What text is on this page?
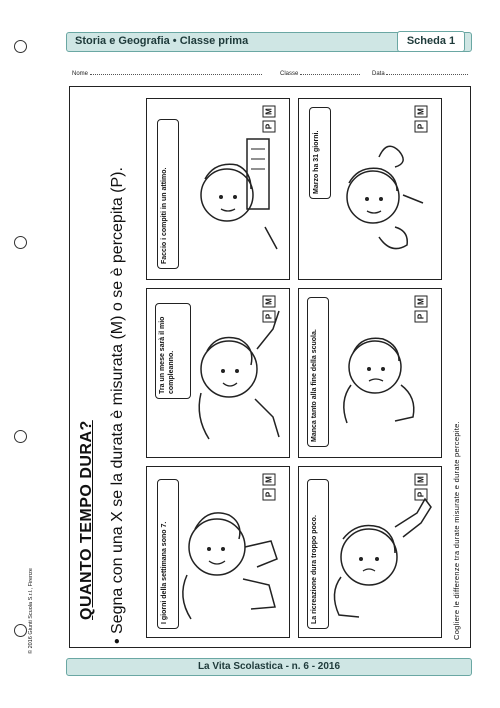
Storia e Geografia • Classe prima	Scheda 1
Nome	Classe	Data
QUANTO TEMPO DURA? • Segna con una X se la durata è misurata (M) o se è percepita (P).	Cogliere le differenze tra durate misurate e durate percepite.
© 2016 Giunti Scuola S.r.l., Firenze	I giorni della settimana sono 7.
M
P
La ricreazione dura troppo poco.
M
P
Tra un mese sarà il mio compleanno.
M
P
Manca tanto alla fine della scuola.
M
P
Faccio i compiti in un attimo.
M
P
Marzo ha 31 giorni.
M
P
La Vita Scolastica - n. 6 - 2016
